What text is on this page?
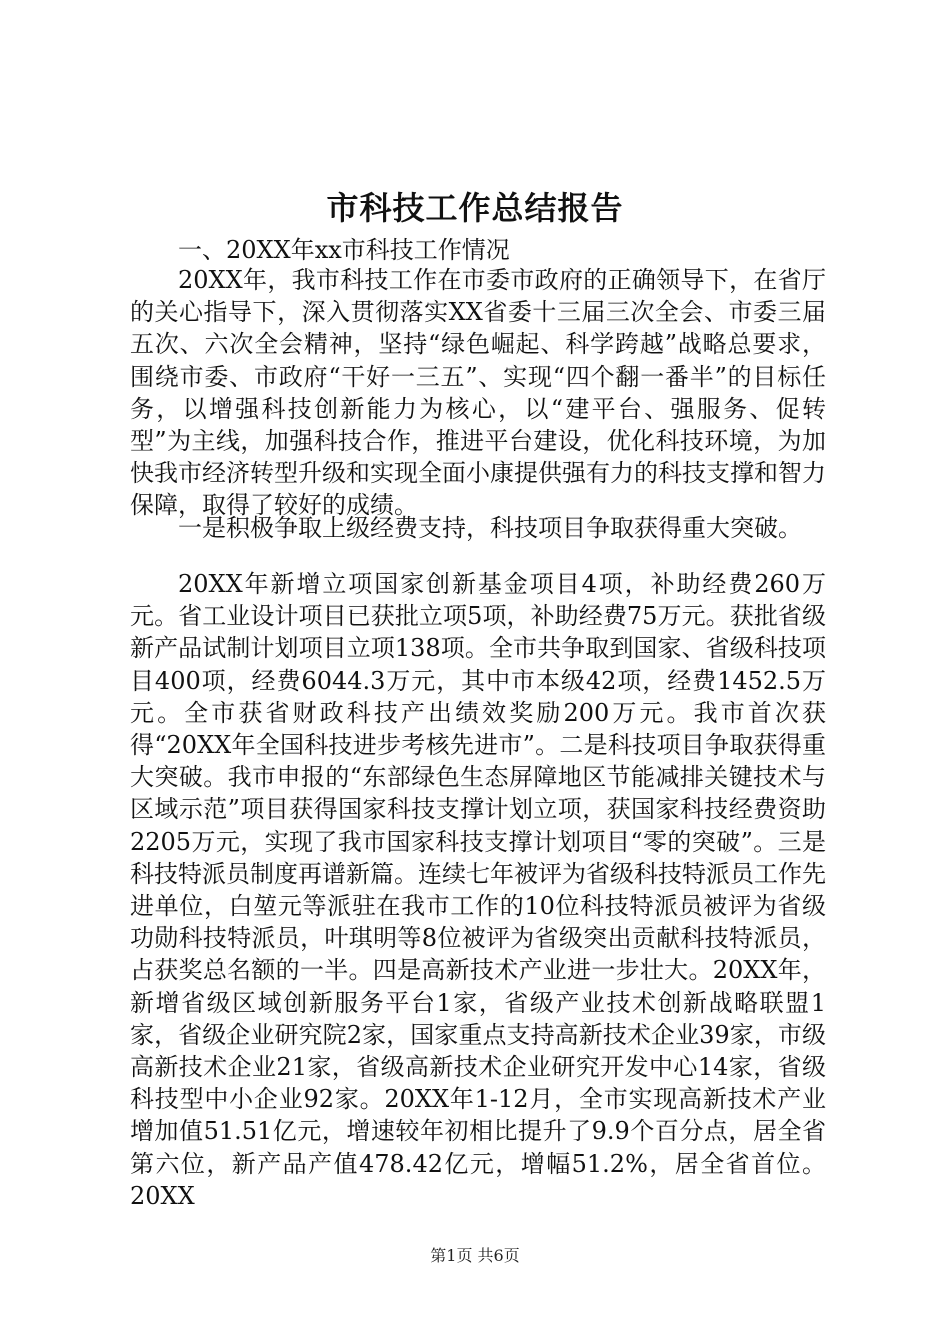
市科技工作总结报告

一、20XX年xx市科技工作情况

20XX年，我市科技工作在市委市政府的正确领导下，在省厅的关心指导下，深入贯彻落实XX省委十三届三次全会、市委三届五次、六次全会精神，坚持“绿色崛起、科学跨越”战略总要求，围绕市委、市政府“干好一三五”、实现“四个翻一番半”的目标任务，以增强科技创新能力为核心，以“建平台、强服务、促转型”为主线，加强科技合作，推进平台建设，优化科技环境，为加快我市经济转型升级和实现全面小康提供强有力的科技支撑和智力保障，取得了较好的成绩。

一是积极争取上级经费支持，科技项目争取获得重大突破。

20XX年新增立项国家创新基金项目4项，补助经费260万元。省工业设计项目已获批立项5项，补助经费75万元。获批省级新产品试制计划项目立项138项。全市共争取到国家、省级科技项目400项，经费6044.3万元，其中市本级42项，经费1452.5万元。全市获省财政科技产出绩效奖励200万元。我市首次获得“20XX年全国科技进步考核先进市”。二是科技项目争取获得重大突破。我市申报的“东部绿色生态屏障地区节能减排关键技术与区域示范”项目获得国家科技支撑计划立项，获国家科技经费资助2205万元，实现了我市国家科技支撑计划项目“零的突破”。三是科技特派员制度再谱新篇。连续七年被评为省级科技特派员工作先进单位，白堃元等派驻在我市工作的10位科技特派员被评为省级功勋科技特派员，叶琪明等8位被评为省级突出贡献科技特派员，占获奖总名额的一半。四是高新技术产业进一步壮大。20XX年，新增省级区域创新服务平台1家，省级产业技术创新战略联盟1家，省级企业研究院2家，国家重点支持高新技术企业39家，市级高新技术企业21家，省级高新技术企业研究开发中心14家，省级科技型中小企业92家。20XX年1-12月，全市实现高新技术产业增加值51.51亿元，增速较年初相比提升了9.9个百分点，居全省第六位，新产品产值478.42亿元，增幅51.2%，居全省首位。20XX

第1页 共6页
